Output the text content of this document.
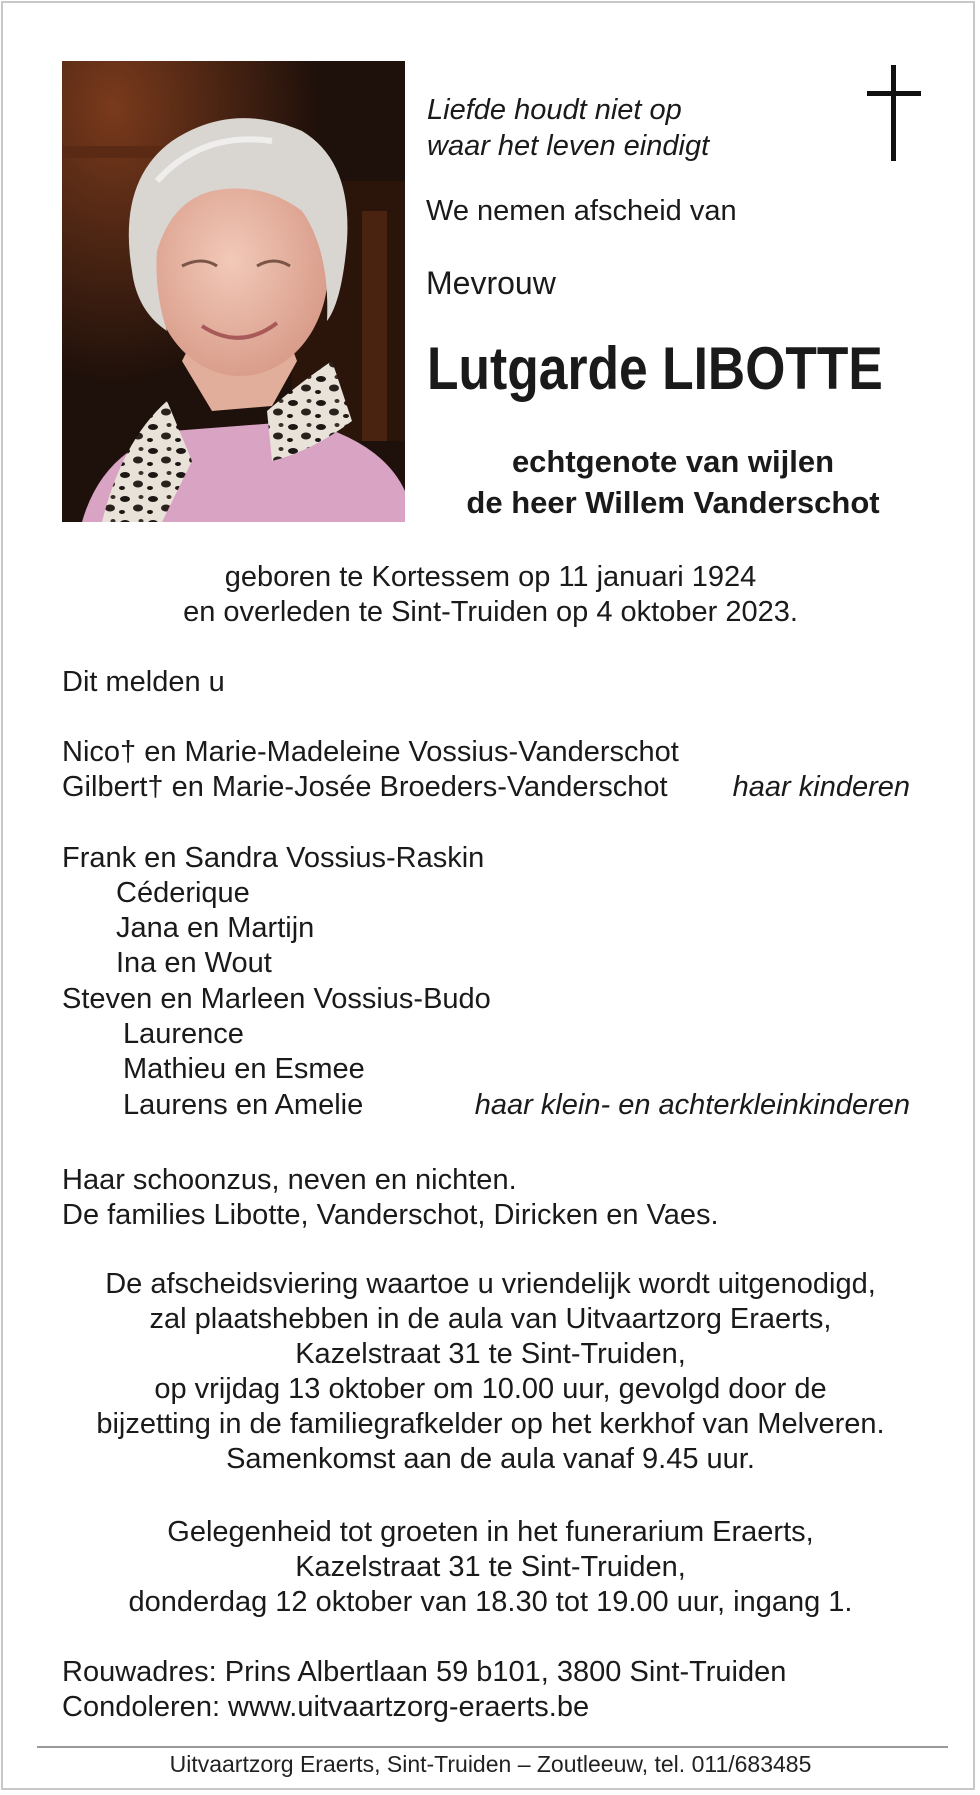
Liefde houdt niet op
waar het leven eindigt
We nemen afscheid van
Mevrouw
Lutgarde LIBOTTE
echtgenote van wijlen
de heer Willem Vanderschot
geboren te Kortessem op 11 januari 1924
en overleden te Sint-Truiden op 4 oktober 2023.
Dit melden u
Nico† en Marie-Madeleine Vossius-Vanderschot
Gilbert† en Marie-Josée Broeders-Vanderschot haar kinderen
Frank en Sandra Vossius-Raskin
Céderique
Jana en Martijn
Ina en Wout
Steven en Marleen Vossius-Budo
Laurence
Mathieu en Esmee
Laurens en Amelie	haar klein- en achterkleinkinderen
Haar schoonzus, neven en nichten.
De families Libotte, Vanderschot, Diricken en Vaes.
De afscheidsviering waartoe u vriendelijk wordt uitgenodigd,
zal plaatshebben in de aula van Uitvaartzorg Eraerts,
Kazelstraat 31 te Sint-Truiden,
op vrijdag 13 oktober om 10.00 uur, gevolgd door de
bijzetting in de familiegrafkelder op het kerkhof van Melveren.
Samenkomst aan de aula vanaf 9.45 uur.
Gelegenheid tot groeten in het funerarium Eraerts,
Kazelstraat 31 te Sint-Truiden,
donderdag 12 oktober van 18.30 tot 19.00 uur, ingang 1.
Rouwadres: Prins Albertlaan 59 b101, 3800 Sint-Truiden
Condoleren: www.uitvaartzorg-eraerts.be
Uitvaartzorg Eraerts, Sint-Truiden – Zoutleeuw, tel. 011/683485
